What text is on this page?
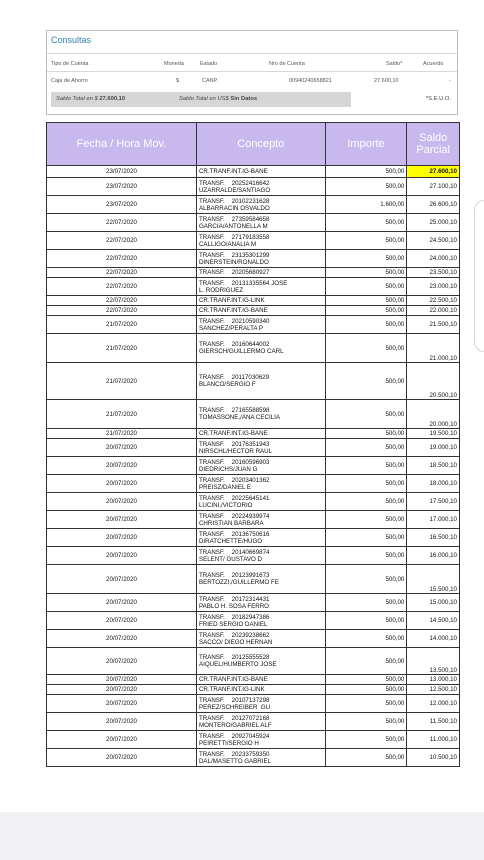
Consultas
Tipo de Cuenta	Moneda	Estado	Nro de Cuenta	Saldo*	Acuerdo
Caja de Ahorro	$	CANP	00940240658821	27.600,10	-
Saldo Total en $ 27.600,10	Saldo Total en US$ Sin Datos	*S.E.U.O.
Fecha / Hora Mov.	Concepto	Importe	Saldo Parcial
23/07/2020	CR.TRANF.INT.IG-BANE	500,00	27.600,10
23/07/2020	TRANSF.    20252416642
UZARRALDE/SANTIAGO	500,00	27.100,10
23/07/2020	TRANSF.    20102231628
ALBARRACIN OSVALDO	1.600,00	26.600,10
22/07/2020	TRANSF.    27359584658
GARCIA/ANTONELLA M	500,00	25.000,10
22/07/2020	TRANSF.    27179183558
CALLIGO/ANALIA M	500,00	24.500,10
22/07/2020	TRANSF.    23135301299
DINERSTEIN/RONALDO	500,00	24.000,10
22/07/2020	TRANSF.    20205680927	500,00	23.500,10
22/07/2020	TRANSF.    20131335564 JOSE
L. RODRIGUEZ	500,00	23.000,10
22/07/2020	CR.TRANF.INT.IG-LINK	500,00	22.500,10
22/07/2020	CR.TRANF.INT.IG-BANE	500,00	22.000,10
21/07/2020	TRANSF.    20210590340
SANCHEZ/PERALTA P	500,00	21.500,10
21/07/2020	TRANSF.    20160644002
GIERSCH/GUILLERMO CARL	500,00	21.000,10
21/07/2020	TRANSF.    20117030629
BLANCO/SERGIO F	500,00	20.500,10
21/07/2020	TRANSF.    27165588598
TOMASSONE,/ANA CECILIA	500,00	20.000,10
21/07/2020	CR.TRANF.INT.IG-BANE	500,00	19.500,10
20/07/2020	TRANSF.    20176351943
NIRSCHL/HECTOR RAUL	500,00	19.000,10
20/07/2020	TRANSF.    20160596903
DIEDRICHS/JUAN G	500,00	18.500,10
20/07/2020	TRANSF.    20203401362
PREISZ/DANIEL E	500,00	18.000,10
20/07/2020	TRANSF.    20225645141
LUCINI,/VICTORIO	500,00	17.500,10
20/07/2020	TRANSF.    20224939974
CHRISTIAN BARBARA	500,00	17.000,10
20/07/2020	TRANSF.    20136750616
DIRATCHETTE/HUGO	500,00	16.500,10
20/07/2020	TRANSF.    20140669874
SELENT/ GUSTAVO D	500,00	16.000,10
20/07/2020	TRANSF.    20123991673
BERTOZZI,/GUILLERMO FE	500,00	15.500,10
20/07/2020	TRANSF.    20172314431
PABLO H. SOSA FERRO	500,00	15.000,10
20/07/2020	TRANSF.    20182947386
FRIED SERGIO DANIEL	500,00	14.500,10
20/07/2020	TRANSF.    20239238662
SACCO/ DIEGO HERNAN	500,00	14.000,10
20/07/2020	TRANSF.    20125555528
AIQUEL/HUMBERTO JOSE	500,00	13.500,10
20/07/2020	CR.TRANF.INT.IG-BANE	500,00	13.000,10
20/07/2020	CR.TRANF.INT.IG-LINK	500,00	12.500,10
20/07/2020	TRANSF.    20107137298
PEREZ/SCHREIBER  GU	500,00	12.000,10
20/07/2020	TRANSF.    20127072168
MONTERO/GABRIEL ALF	500,00	11.500,10
20/07/2020	TRANSF.    20927045924
PEIRETTI/SERGIO H	500,00	11.000,10
20/07/2020	TRANSF.    20233759350
DAL/MASETTO GABRIEL	500,00	10.500,10
